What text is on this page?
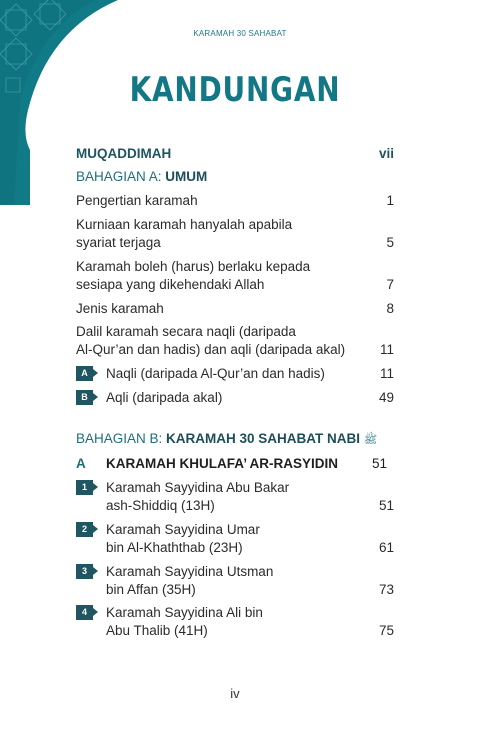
KARAMAH 30 SAHABAT
KANDUNGAN
MUQADDIMAH	vii
BAHAGIAN A: UMUM
Pengertian karamah	1
Kurniaan karamah hanyalah apabila
syariat terjaga	5
Karamah boleh (harus) berlaku kepada
sesiapa yang dikehendaki Allah	7
Jenis karamah	8
Dalil karamah secara naqli (daripada
Al-Qur’an dan hadis) dan aqli (daripada akal)	11
A	Naqli (daripada Al-Qur’an dan hadis)	11
B	Aqli (daripada akal)	49
BAHAGIAN B: KARAMAH 30 SAHABAT NABI ﷺ
A KARAMAH KHULAFA’ AR-RASYIDIN	51
1	Karamah Sayyidina Abu Bakar
ash-Shiddiq (13H)	51
2	Karamah Sayyidina Umar
bin Al-Khaththab (23H)	61
3	Karamah Sayyidina Utsman
bin Affan (35H)	73
4	Karamah Sayyidina Ali bin
Abu Thalib (41H)	75
iv
